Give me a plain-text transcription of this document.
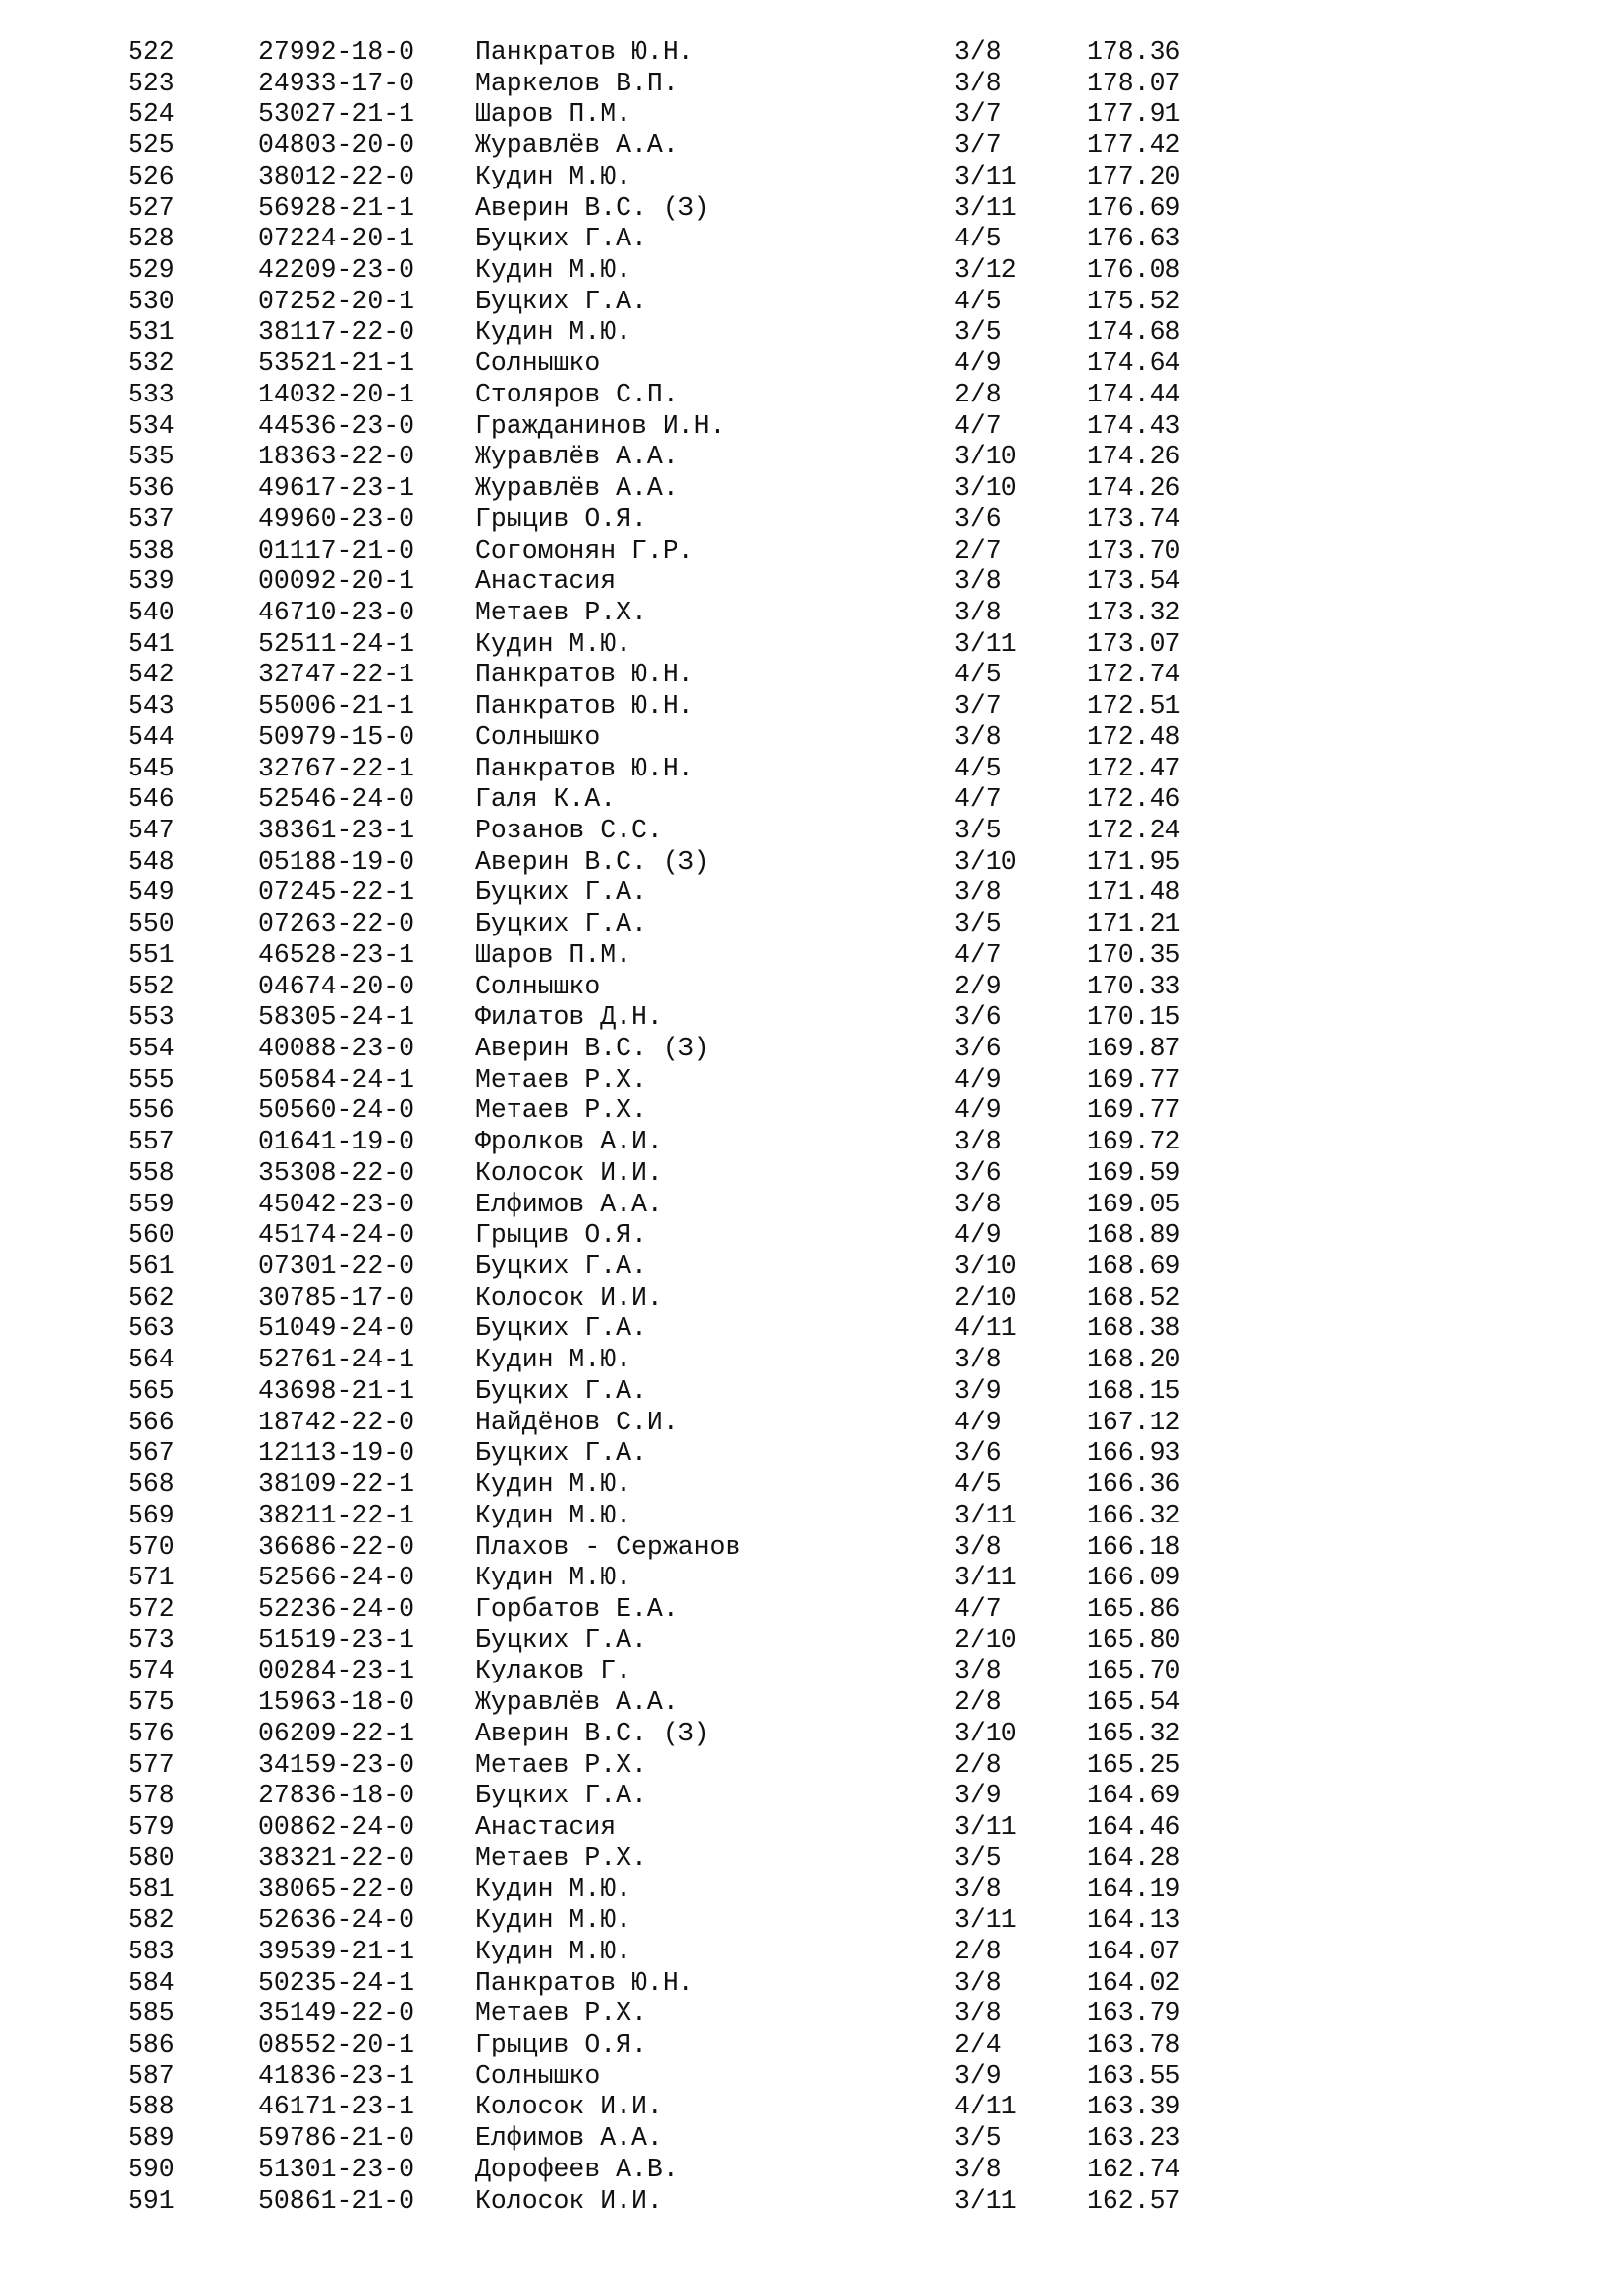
522	27992-18-0 Панкратов Ю.Н.	3/8	178.36
523	24933-17-0 Маркелов В.П.	3/8	178.07
524	53027-21-1 Шаров П.М.	3/7	177.91
525	04803-20-0 Журавлёв А.А.	3/7	177.42
526	38012-22-0 Кудин М.Ю.	3/11	177.20
527	56928-21-1 Аверин В.С. (З)	3/11	176.69
528	07224-20-1 Буцких Г.А.	4/5	176.63
529	42209-23-0 Кудин М.Ю.	3/12	176.08
530	07252-20-1 Буцких Г.А.	4/5	175.52
531	38117-22-0 Кудин М.Ю.	3/5	174.68
532	53521-21-1 Солнышко	4/9	174.64
533	14032-20-1 Столяров С.П.	2/8	174.44
534	44536-23-0 Гражданинов И.Н.	4/7	174.43
535	18363-22-0 Журавлёв А.А.	3/10	174.26
536	49617-23-1 Журавлёв А.А.	3/10	174.26
537	49960-23-0 Грыцив О.Я.	3/6	173.74
538	01117-21-0 Согомонян Г.Р.	2/7	173.70
539	00092-20-1 Анастасия	3/8	173.54
540	46710-23-0 Метаев Р.Х.	3/8	173.32
541	52511-24-1 Кудин М.Ю.	3/11	173.07
542	32747-22-1 Панкратов Ю.Н.	4/5	172.74
543	55006-21-1 Панкратов Ю.Н.	3/7	172.51
544	50979-15-0 Солнышко	3/8	172.48
545	32767-22-1 Панкратов Ю.Н.	4/5	172.47
546	52546-24-0 Галя К.А.	4/7	172.46
547	38361-23-1 Розанов С.С.	3/5	172.24
548	05188-19-0 Аверин В.С. (З)	3/10	171.95
549	07245-22-1 Буцких Г.А.	3/8	171.48
550	07263-22-0 Буцких Г.А.	3/5	171.21
551	46528-23-1 Шаров П.М.	4/7	170.35
552	04674-20-0 Солнышко	2/9	170.33
553	58305-24-1 Филатов Д.Н.	3/6	170.15
554	40088-23-0 Аверин В.С. (З)	3/6	169.87
555	50584-24-1 Метаев Р.Х.	4/9	169.77
556	50560-24-0 Метаев Р.Х.	4/9	169.77
557	01641-19-0 Фролков А.И.	3/8	169.72
558	35308-22-0 Колосок И.И.	3/6	169.59
559	45042-23-0 Елфимов А.А.	3/8	169.05
560	45174-24-0 Грыцив О.Я.	4/9	168.89
561	07301-22-0 Буцких Г.А.	3/10	168.69
562	30785-17-0 Колосок И.И.	2/10	168.52
563	51049-24-0 Буцких Г.А.	4/11	168.38
564	52761-24-1 Кудин М.Ю.	3/8	168.20
565	43698-21-1 Буцких Г.А.	3/9	168.15
566	18742-22-0 Найдёнов С.И.	4/9	167.12
567	12113-19-0 Буцких Г.А.	3/6	166.93
568	38109-22-1 Кудин М.Ю.	4/5	166.36
569	38211-22-1 Кудин М.Ю.	3/11	166.32
570	36686-22-0 Плахов - Сержанов	3/8	166.18
571	52566-24-0 Кудин М.Ю.	3/11	166.09
572	52236-24-0 Горбатов Е.А.	4/7	165.86
573	51519-23-1 Буцких Г.А.	2/10	165.80
574	00284-23-1 Кулаков Г.	3/8	165.70
575	15963-18-0 Журавлёв А.А.	2/8	165.54
576	06209-22-1 Аверин В.С. (З)	3/10	165.32
577	34159-23-0 Метаев Р.Х.	2/8	165.25
578	27836-18-0 Буцких Г.А.	3/9	164.69
579	00862-24-0 Анастасия	3/11	164.46
580	38321-22-0 Метаев Р.Х.	3/5	164.28
581	38065-22-0 Кудин М.Ю.	3/8	164.19
582	52636-24-0 Кудин М.Ю.	3/11	164.13
583	39539-21-1 Кудин М.Ю.	2/8	164.07
584	50235-24-1 Панкратов Ю.Н.	3/8	164.02
585	35149-22-0 Метаев Р.Х.	3/8	163.79
586	08552-20-1 Грыцив О.Я.	2/4	163.78
587	41836-23-1 Солнышко	3/9	163.55
588	46171-23-1 Колосок И.И.	4/11	163.39
589	59786-21-0 Елфимов А.А.	3/5	163.23
590	51301-23-0 Дорофеев А.В.	3/8	162.74
591	50861-21-0 Колосок И.И.	3/11	162.57
